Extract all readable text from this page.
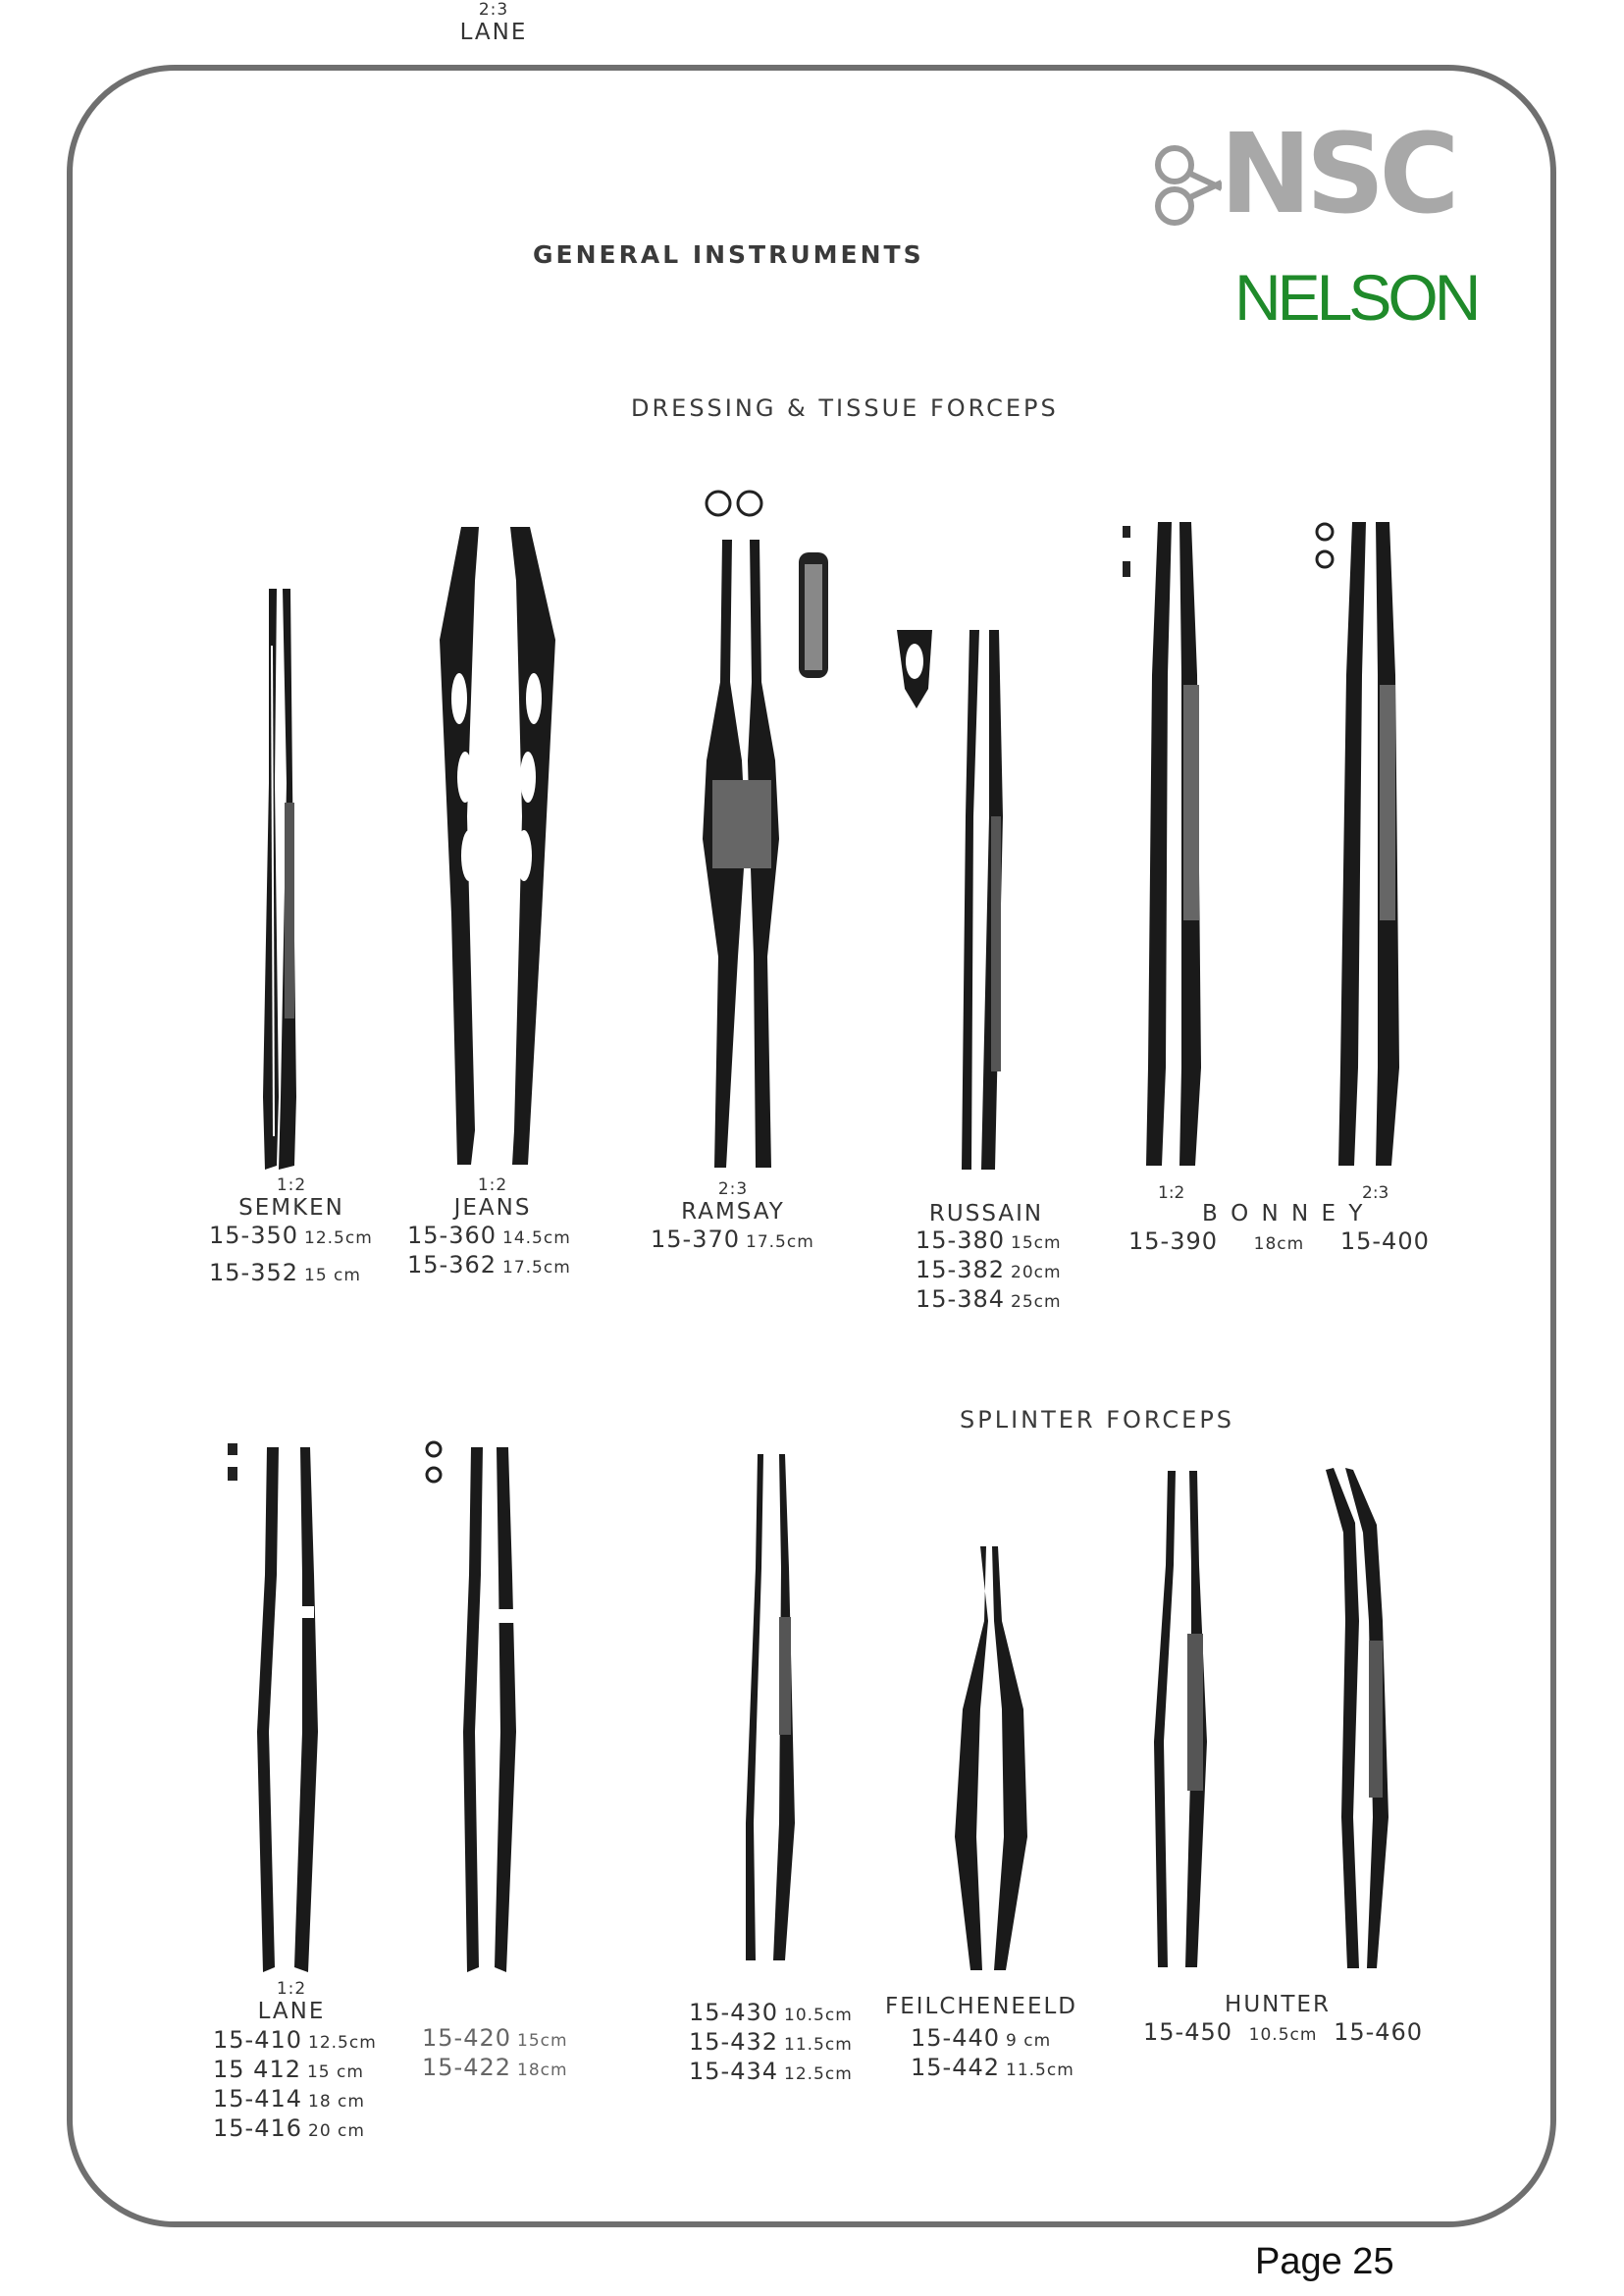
GENERAL INSTRUMENTS
NSC
NELSON
DRESSING & TISSUE FORCEPS
1:2
SEMKEN
15-350 12.5cm
15-352 15 cm
1:2
JEANS
15-360 14.5cm
15-362 17.5cm
2:3
RAMSAY
15-370 17.5cm
RUSSAIN
15-380 15cm
15-382 20cm
15-384 25cm
1:2	2:3
B O N N E Y
15-390 18cm 15-400
SPLINTER FORCEPS
1:2
LANE
15-410 12.5cm
15 412 15 cm
15-414 18 cm
15-416 20 cm
2:3
LANE
15-420 15cm
15-422 18cm
15-430 10.5cm
15-432 11.5cm
15-434 12.5cm
FEILCHENEELD
15-440 9 cm
15-442 11.5cm
HUNTER
15-450 10.5cm 15-460
Page 25
